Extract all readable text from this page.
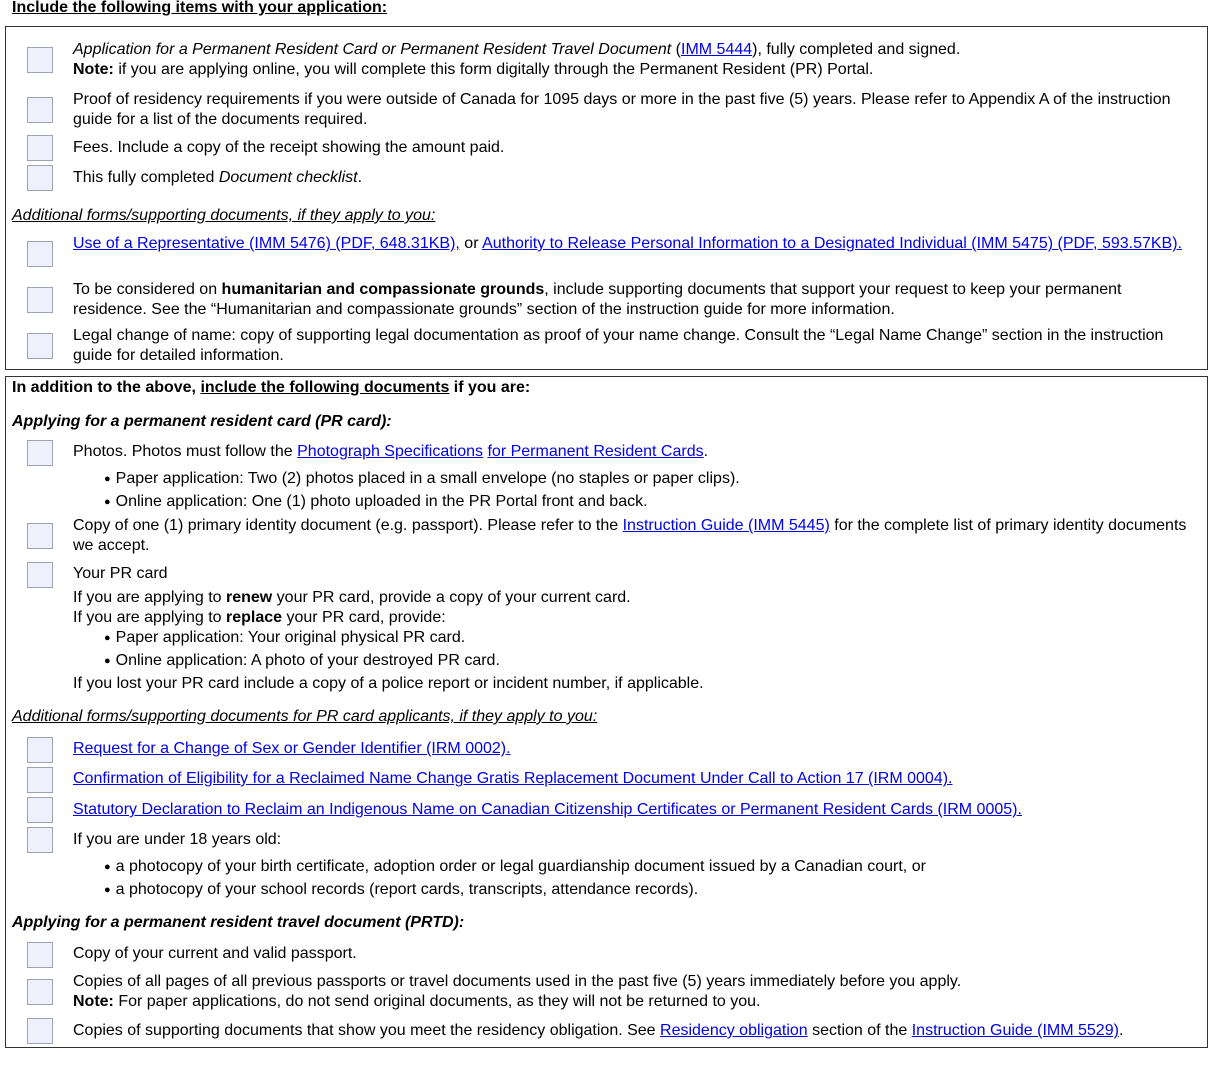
Include the following items with your application:
Application for a Permanent Resident Card or Permanent Resident Travel Document (IMM 5444), fully completed and signed.
Note: if you are applying online, you will complete this form digitally through the Permanent Resident (PR) Portal.
Proof of residency requirements if you were outside of Canada for 1095 days or more in the past five (5) years. Please refer to Appendix A of the instruction guide for a list of the documents required.
Fees. Include a copy of the receipt showing the amount paid.
This fully completed Document checklist.
Additional forms/supporting documents, if they apply to you:
Use of a Representative (IMM 5476) (PDF, 648.31KB), or Authority to Release Personal Information to a Designated Individual (IMM 5475) (PDF, 593.57KB).
To be considered on humanitarian and compassionate grounds, include supporting documents that support your request to keep your permanent residence. See the “Humanitarian and compassionate grounds” section of the instruction guide for more information.
Legal change of name: copy of supporting legal documentation as proof of your name change. Consult the “Legal Name Change” section in the instruction guide for detailed information.
In addition to the above, include the following documents if you are:
Applying for a permanent resident card (PR card):
Photos. Photos must follow the Photograph Specifications for Permanent Resident Cards.
● Paper application: Two (2) photos placed in a small envelope (no staples or paper clips).
● Online application: One (1) photo uploaded in the PR Portal front and back.
Copy of one (1) primary identity document (e.g. passport). Please refer to the Instruction Guide (IMM 5445) for the complete list of primary identity documents we accept.
Your PR card
If you are applying to renew your PR card, provide a copy of your current card.
If you are applying to replace your PR card, provide:
● Paper application: Your original physical PR card.
● Online application: A photo of your destroyed PR card.
If you lost your PR card include a copy of a police report or incident number, if applicable.
Additional forms/supporting documents for PR card applicants, if they apply to you:
Request for a Change of Sex or Gender Identifier (IRM 0002).
Confirmation of Eligibility for a Reclaimed Name Change Gratis Replacement Document Under Call to Action 17 (IRM 0004).
Statutory Declaration to Reclaim an Indigenous Name on Canadian Citizenship Certificates or Permanent Resident Cards (IRM 0005).
If you are under 18 years old:
● a photocopy of your birth certificate, adoption order or legal guardianship document issued by a Canadian court, or
● a photocopy of your school records (report cards, transcripts, attendance records).
Applying for a permanent resident travel document (PRTD):
Copy of your current and valid passport.
Copies of all pages of all previous passports or travel documents used in the past five (5) years immediately before you apply.
Note: For paper applications, do not send original documents, as they will not be returned to you.
Copies of supporting documents that show you meet the residency obligation. See Residency obligation section of the Instruction Guide (IMM 5529).
